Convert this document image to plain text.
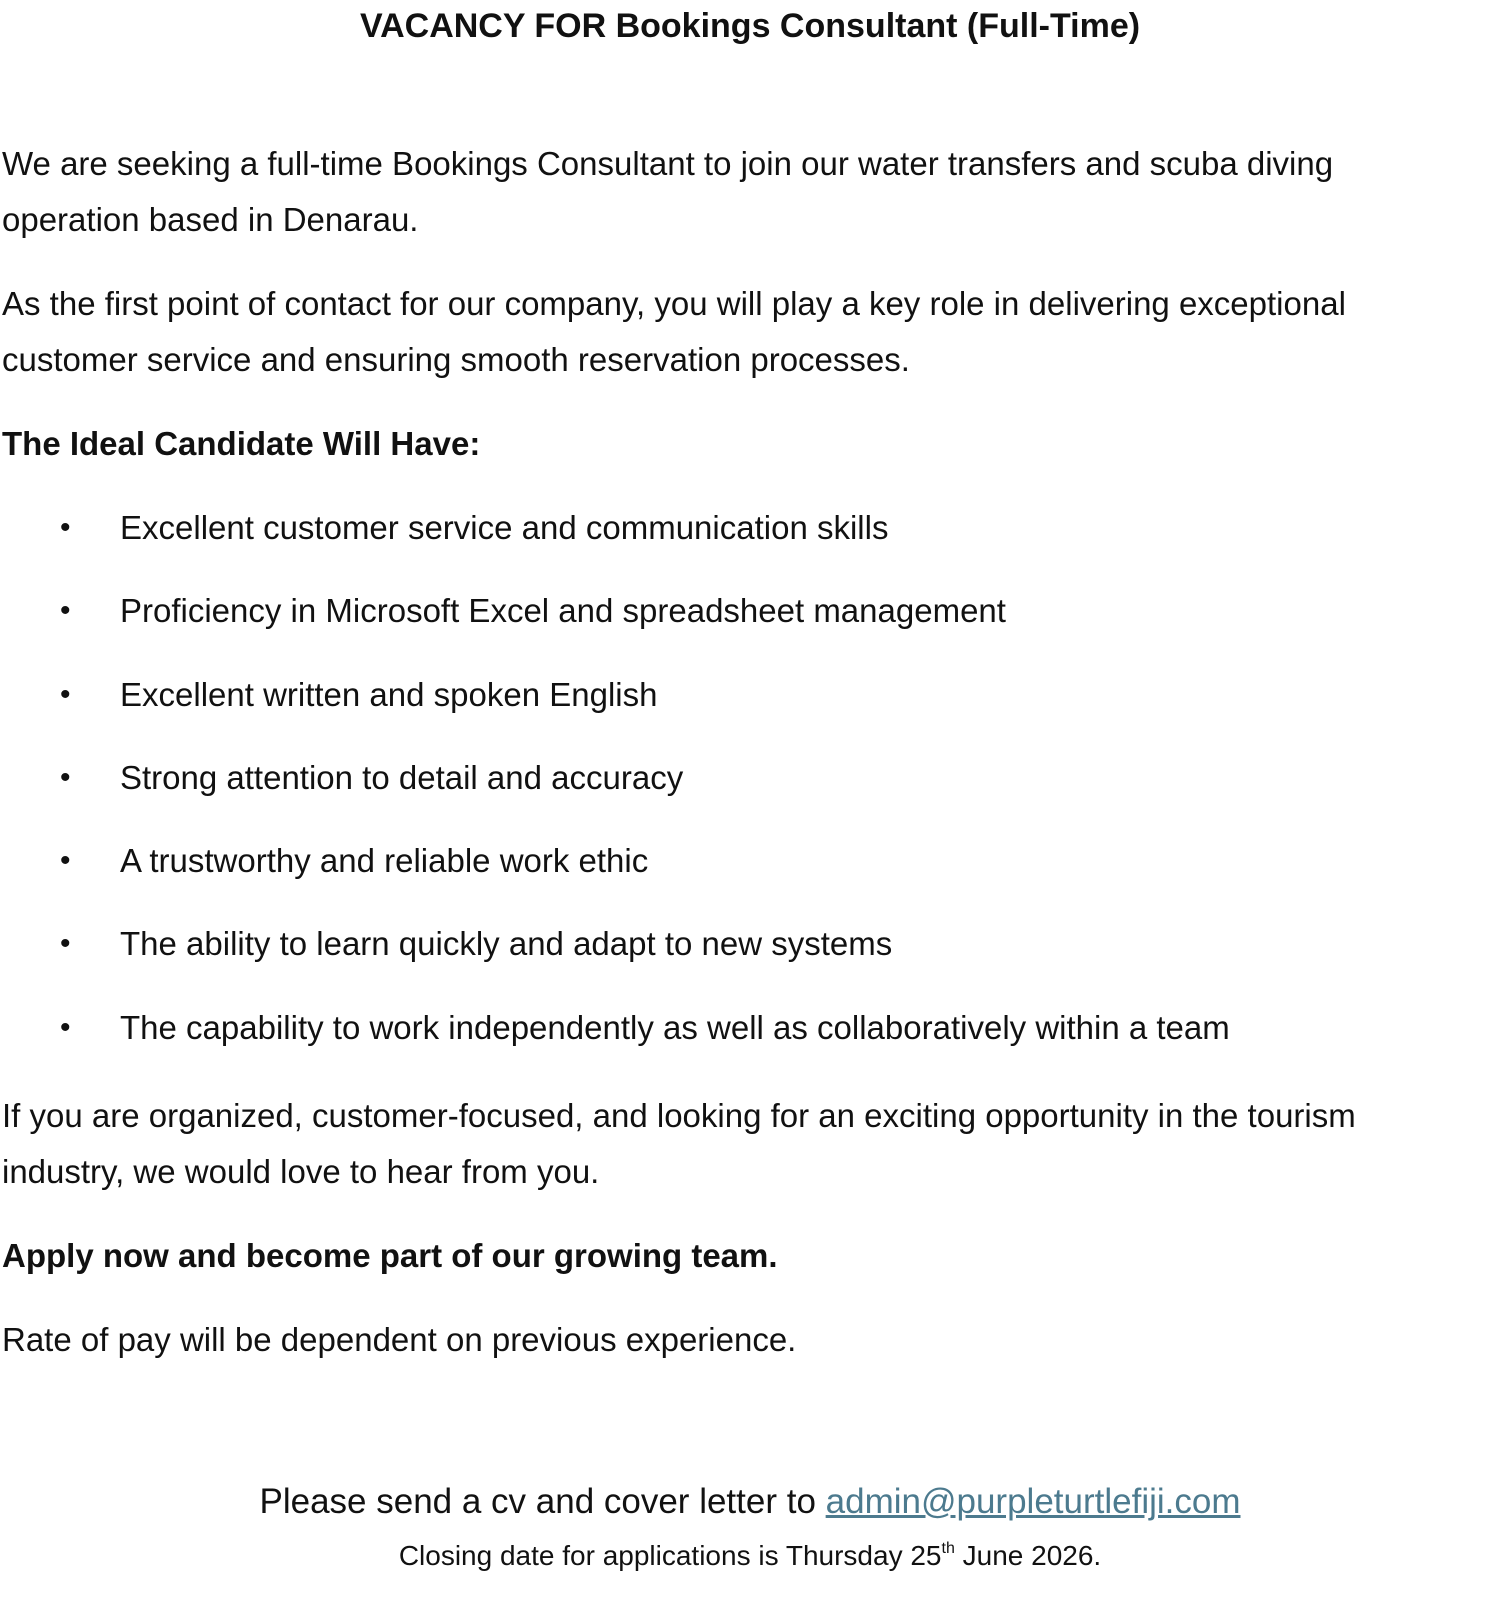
VACANCY FOR Bookings Consultant (Full-Time)

We are seeking a full-time Bookings Consultant to join our water transfers and scuba diving operation based in Denarau.

As the first point of contact for our company, you will play a key role in delivering exceptional customer service and ensuring smooth reservation processes.

The Ideal Candidate Will Have:

• Excellent customer service and communication skills
• Proficiency in Microsoft Excel and spreadsheet management
• Excellent written and spoken English
• Strong attention to detail and accuracy
• A trustworthy and reliable work ethic
• The ability to learn quickly and adapt to new systems
• The capability to work independently as well as collaboratively within a team

If you are organized, customer-focused, and looking for an exciting opportunity in the tourism industry, we would love to hear from you.

Apply now and become part of our growing team.

Rate of pay will be dependent on previous experience.

Please send a cv and cover letter to admin@purpleturtlefiji.com

Closing date for applications is Thursday 25th June 2026.
